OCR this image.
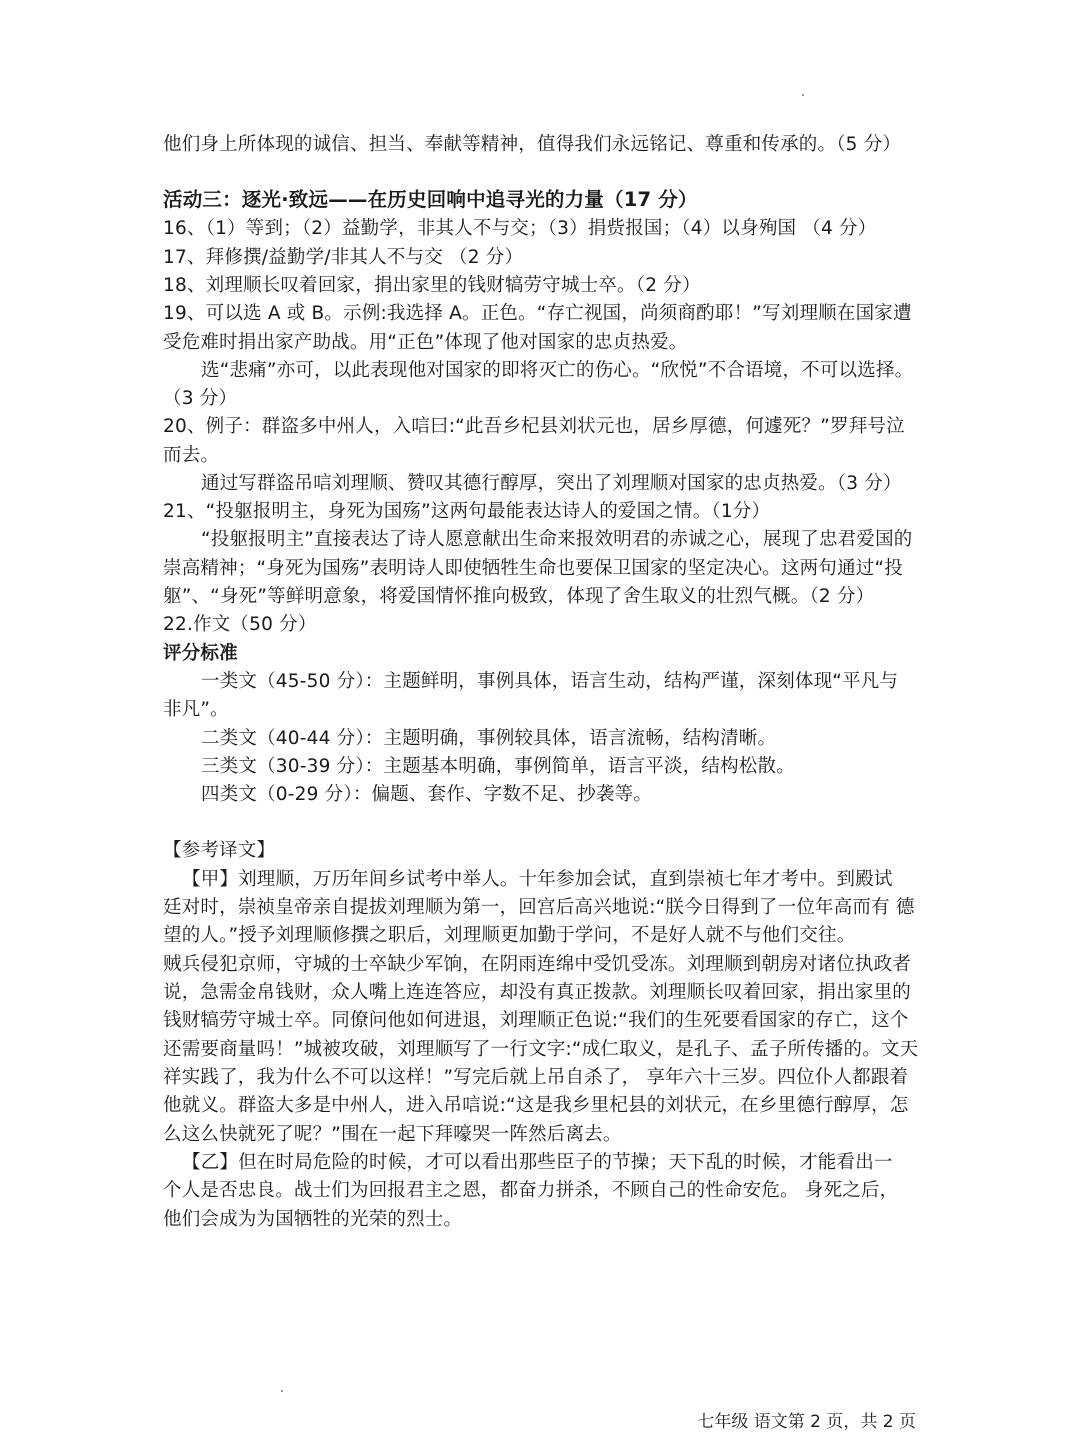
他们身上所体现的诚信、担当、奉献等精神，值得我们永远铭记、尊重和传承的。（5 分）
活动三：逐光·致远——在历史回响中追寻光的力量（17 分）
16、（1）等到；（2）益勤学，非其人不与交；（3）捐赀报国；（4）以身殉国 （4 分）
17、拜修撰/益勤学/非其人不与交 （2 分）
18、刘理顺长叹着回家，捐出家里的钱财犒劳守城士卒。（2 分）
19、可以选 A 或 B。示例:我选择 A。正色。“存亡视国，尚须商酌耶！”写刘理顺在国家遭
受危难时捐出家产助战。用“正色”体现了他对国家的忠贞热爱。
选“悲痛”亦可，以此表现他对国家的即将灭亡的伤心。“欣悦”不合语境，不可以选择。
（3 分）
20、例子：群盗多中州人，入唁曰:“此吾乡杞县刘状元也，居乡厚德，何遽死？”罗拜号泣
而去。
通过写群盗吊唁刘理顺、赞叹其德行醇厚，突出了刘理顺对国家的忠贞热爱。（3 分）
21、“投躯报明主，身死为国殇”这两句最能表达诗人的爱国之情。（1分）
“投躯报明主”直接表达了诗人愿意献出生命来报效明君的赤诚之心，展现了忠君爱国的
崇高精神；“身死为国殇”表明诗人即使牺牲生命也要保卫国家的坚定决心。这两句通过“投
躯”、“身死”等鲜明意象，将爱国情怀推向极致，体现了舍生取义的壮烈气概。（2 分）
22.作文（50 分）
评分标准
一类文（45-50 分）：主题鲜明，事例具体，语言生动，结构严谨，深刻体现“平凡与
非凡”。
二类文（40-44 分）：主题明确，事例较具体，语言流畅，结构清晰。
三类文（30-39 分）：主题基本明确，事例简单，语言平淡，结构松散。
四类文（0-29 分）：偏题、套作、字数不足、抄袭等。
【参考译文】
【甲】刘理顺，万历年间乡试考中举人。十年参加会试，直到崇祯七年才考中。到殿试
廷对时，崇祯皇帝亲自提拔刘理顺为第一，回宫后高兴地说:“朕今日得到了一位年高而有 德
望的人。”授予刘理顺修撰之职后，刘理顺更加勤于学问，不是好人就不与他们交往。
贼兵侵犯京师，守城的士卒缺少军饷，在阴雨连绵中受饥受冻。刘理顺到朝房对诸位执政者
说，急需金帛钱财，众人嘴上连连答应，却没有真正拨款。刘理顺长叹着回家，捐出家里的
钱财犒劳守城士卒。同僚问他如何进退，刘理顺正色说:“我们的生死要看国家的存亡，这个
还需要商量吗！”城被攻破，刘理顺写了一行文字:“成仁取义，是孔子、孟子所传播的。文天
祥实践了，我为什么不可以这样！”写完后就上吊自杀了， 享年六十三岁。四位仆人都跟着
他就义。群盗大多是中州人，进入吊唁说:“这是我乡里杞县的刘状元，在乡里德行醇厚，怎
么这么快就死了呢？”围在一起下拜嚎哭一阵然后离去。
【乙】但在时局危险的时候，才可以看出那些臣子的节操；天下乱的时候，才能看出一
个人是否忠良。战士们为回报君主之恩，都奋力拼杀，不顾自己的性命安危。 身死之后，
他们会成为为国牺牲的光荣的烈士。
七年级 语文第 2 页，共 2 页
